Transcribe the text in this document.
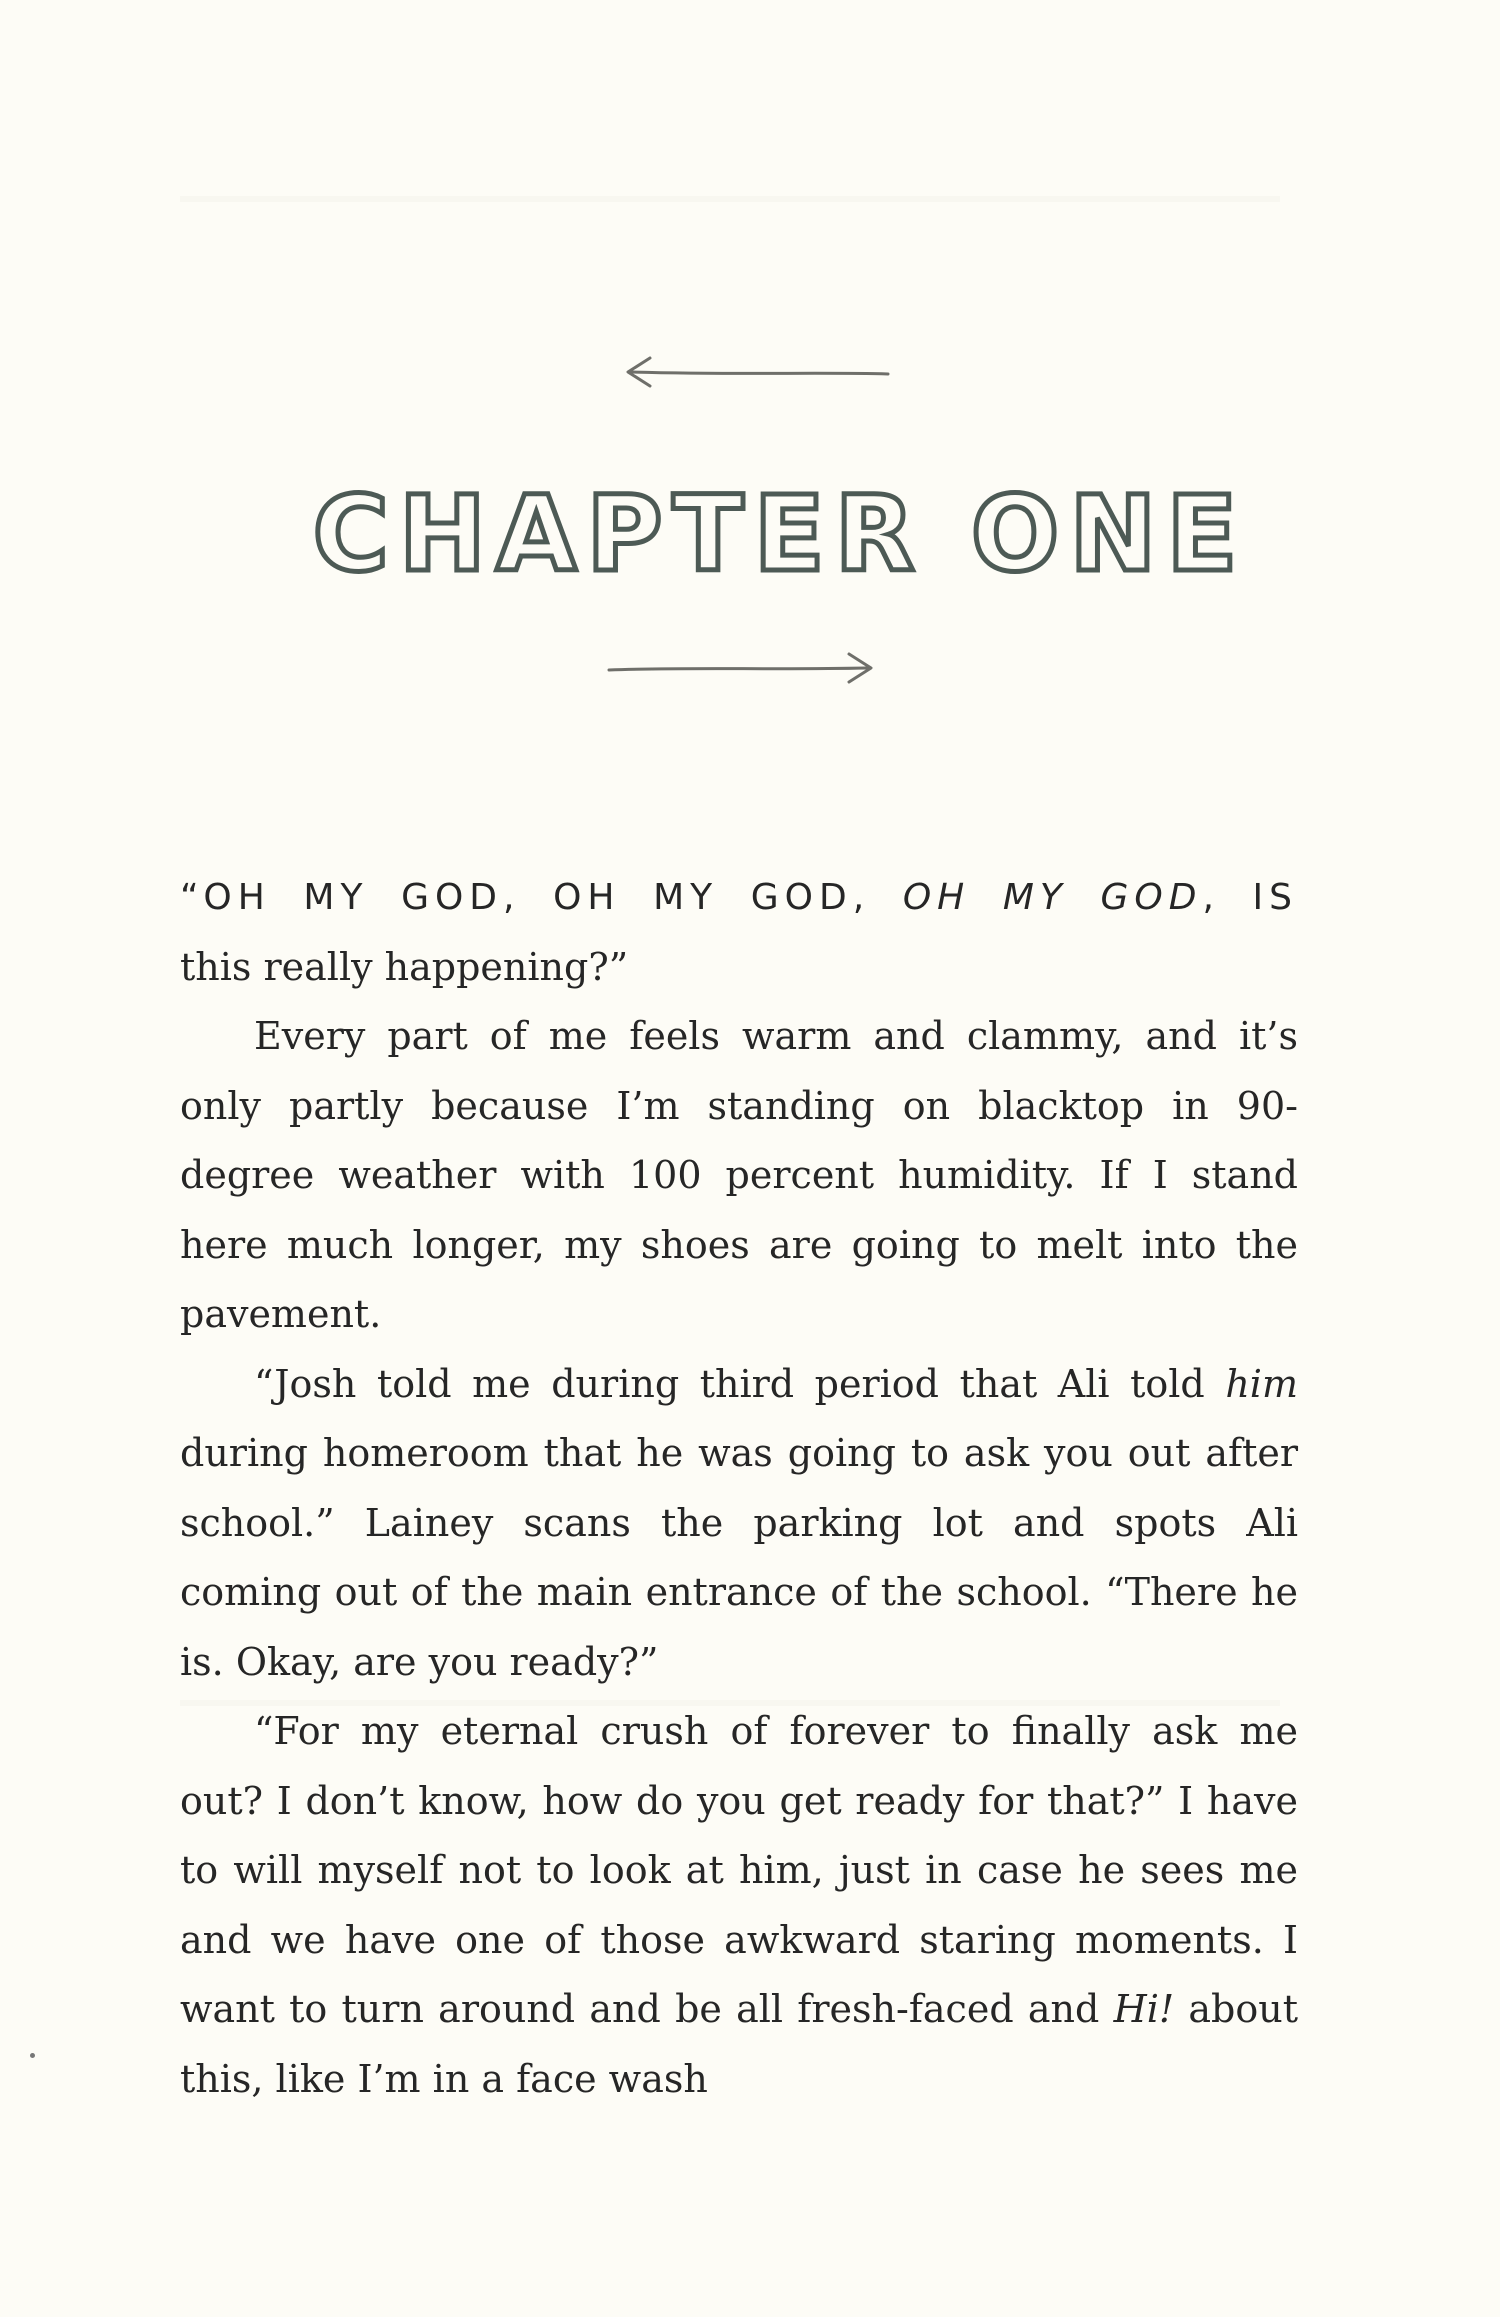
CHAPTER ONE

“OH MY GOD, OH MY GOD, OH MY GOD, IS
this really happening?”

Every part of me feels warm and clammy, and it’s only partly because I’m standing on blacktop in 90-degree weather with 100 percent humidity. If I stand here much longer, my shoes are going to melt into the pavement.

“Josh told me during third period that Ali told him during homeroom that he was going to ask you out after school.” Lainey scans the parking lot and spots Ali coming out of the main entrance of the school. “There he is. Okay, are you ready?”

“For my eternal crush of forever to finally ask me out? I don’t know, how do you get ready for that?” I have to will myself not to look at him, just in case he sees me and we have one of those awkward staring moments. I want to turn around and be all fresh-faced and Hi! about this, like I’m in a face wash
